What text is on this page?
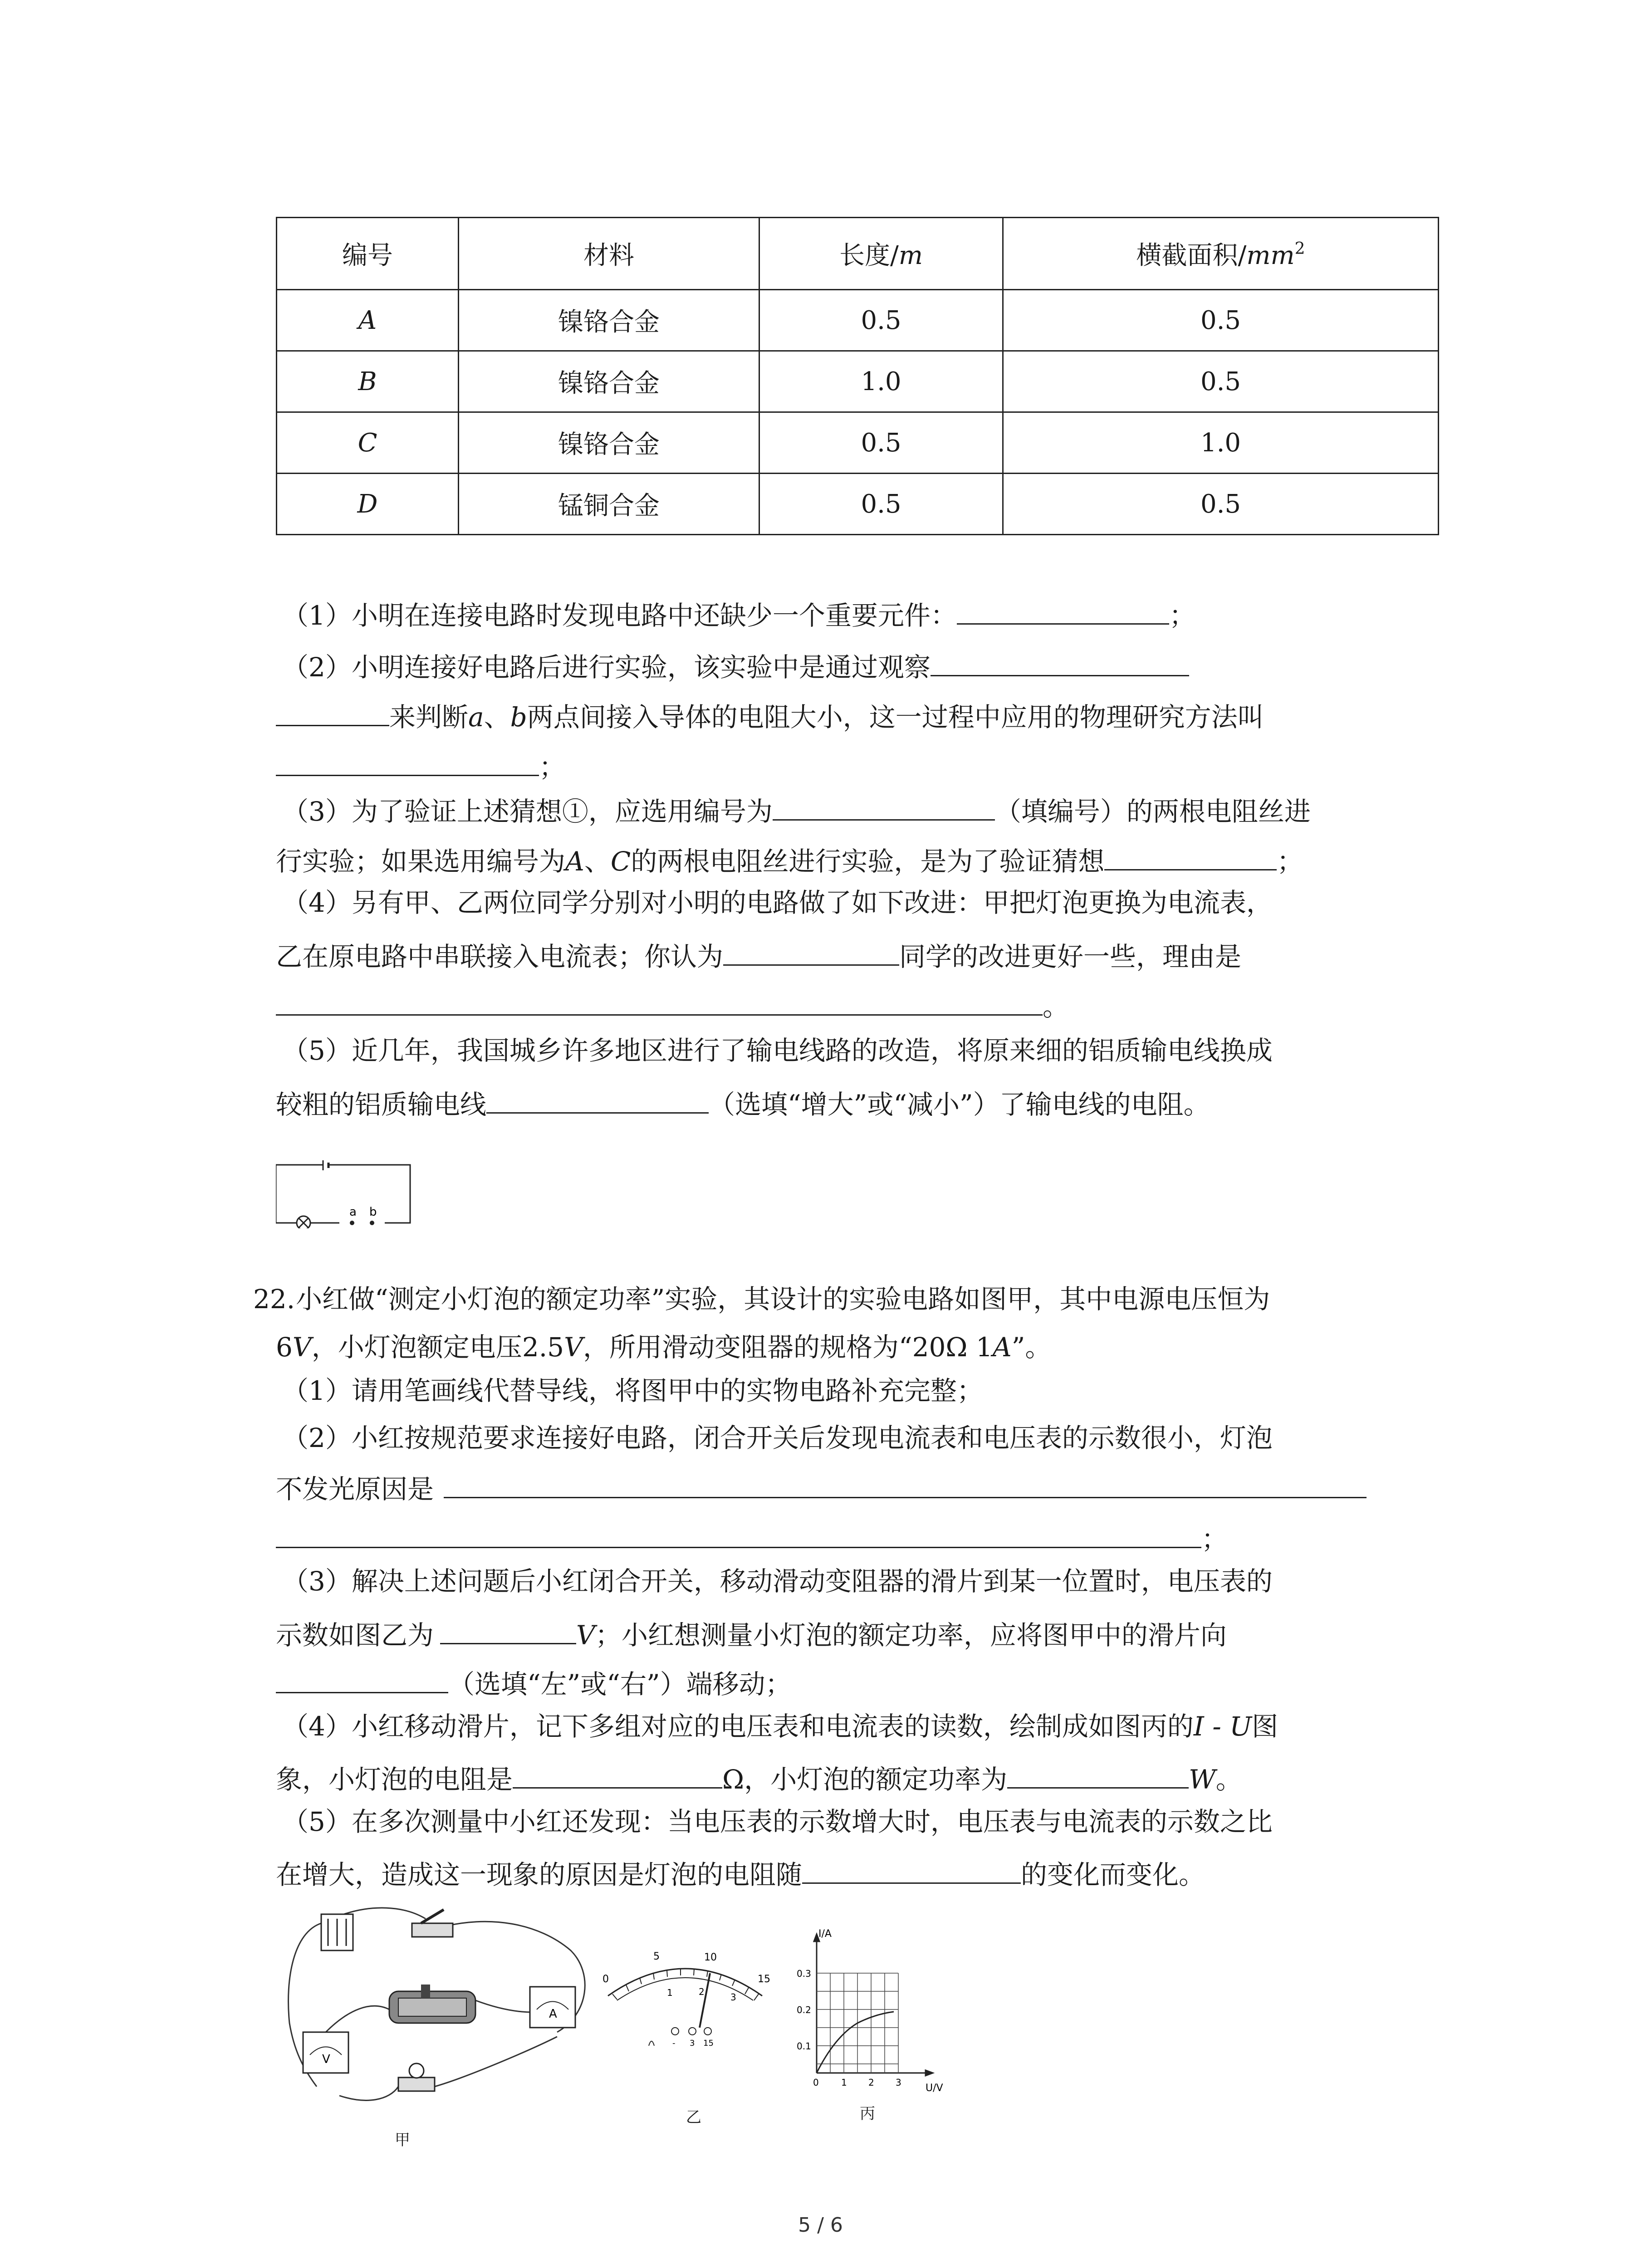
编号	材料	长度/m	横截面积$/mm^2$
A	镍铬合金	0.5	0.5
B	镍铬合金	1.0	0.5
C	镍铬合金	0.5	1.0
D	锰铜合金	0.5	0.5
（1）小明在连接电路时发现电路中还缺少一个重要元件：	；
（2）小明连接好电路后进行实验，该实验中是通过观察
来判断a、b两点间接入导体的电阻大小，这一过程中应用的物理研究方法叫
；
（3）为了验证上述猜想①，应选用编号为	（填编号）的两根电阻丝进
行实验；如果选用编号为A、C的两根电阻丝进行实验，是为了验证猜想	；
（4）另有甲、乙两位同学分别对小明的电路做了如下改进：甲把灯泡更换为电流表，
乙在原电路中串联接入电流表；你认为	同学的改进更好一些，理由是
。
（5）近几年，我国城乡许多地区进行了输电线路的改造，将原来细的铝质输电线换成
较粗的铝质输电线	（选填“增大”或“减小”）了输电线的电阻。
a b
22. 小红做“测定小灯泡的额定功率”实验，其设计的实验电路如图甲，其中电源电压恒为
6V，小灯泡额定电压2.5V，所用滑动变阻器的规格为“20Ω 1A”。
（1）请用笔画线代替导线，将图甲中的实物电路补充完整；
（2）小红按规范要求连接好电路，闭合开关后发现电流表和电压表的示数很小，灯泡
不发光原因是
；
（3）解决上述问题后小红闭合开关，移动滑动变阻器的滑片到某一位置时，电压表的
示数如图乙为	V；小红想测量小灯泡的额定功率，应将图甲中的滑片向
（选填“左”或“右”）端移动；
（4）小红移动滑片，记下多组对应的电压表和电流表的读数，绘制成如图丙的I - U图
象，小灯泡的电阻是	Ω，小灯泡的额定功率为	W。
（5）在多次测量中小红还发现：当电压表的示数增大时，电压表与电流表的示数之比
在增大，造成这一现象的原因是灯泡的电阻随	的变化而变化。
A
V
甲
0
5	10
15
1	2	3
- 3 15
乙
I/A
U/V
0.3
0.2
0.1
0 1 2 3
丙
5 / 6
